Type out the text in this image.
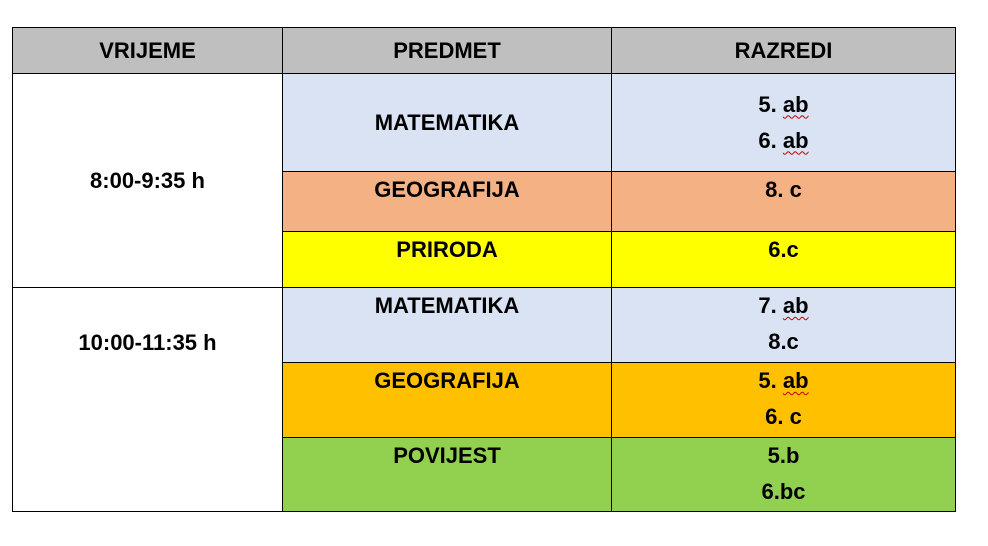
VRIJEME	PREDMET	RAZREDI
8:00-9:35 h	MATEMATIKA	5. ab
6. ab

	GEOGRAFIJA	8. c

	PRIRODA	6.c

10:00-11:35 h	MATEMATIKA	7. ab
8.c

	GEOGRAFIJA	5. ab
6. c

	POVIJEST	5.b
6.bc
